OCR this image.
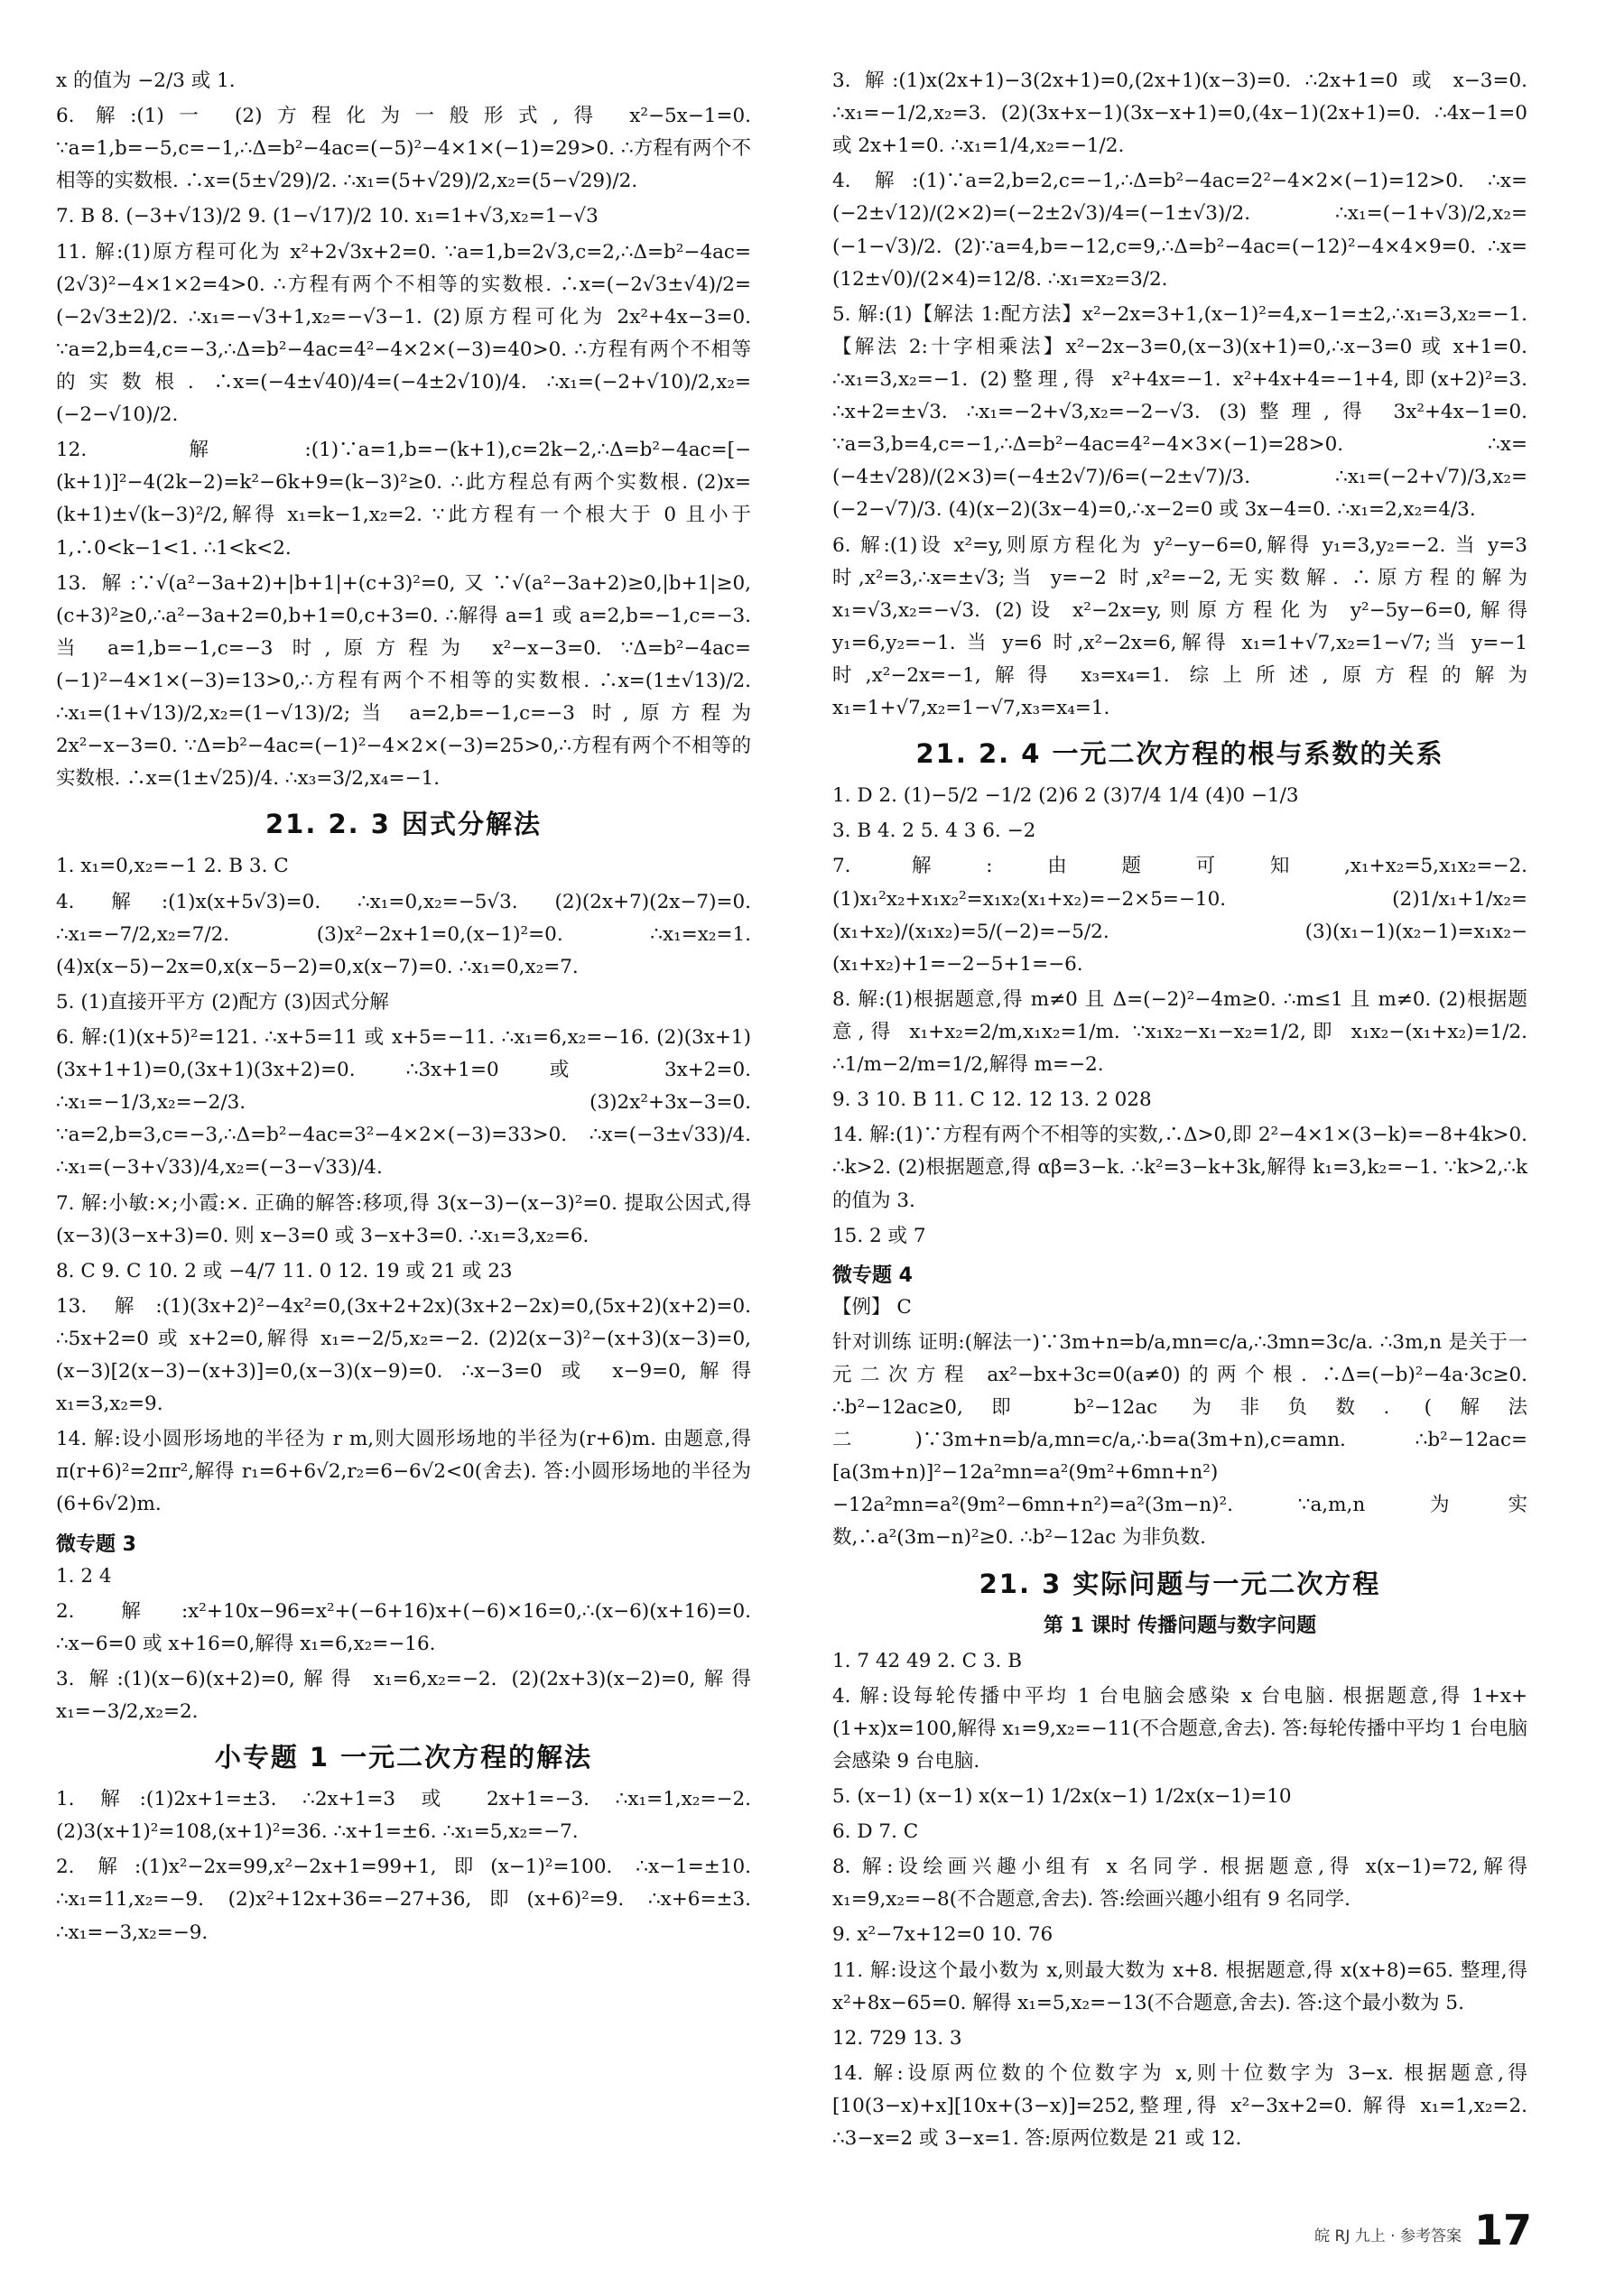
x 的值为 −2/3 或 1.
6. 解:(1)一 (2)方程化为一般形式,得 x²−5x−1=0. ∵a=1,b=−5,c=−1,∴Δ=b²−4ac=(−5)²−4×1×(−1)=29>0. ∴方程有两个不相等的实数根. ∴x=(5±√29)/2. ∴x₁=(5+√29)/2,x₂=(5−√29)/2.
7. B 8. (−3+√13)/2 9. (1−√17)/2 10. x₁=1+√3,x₂=1−√3
11. 解:(1)原方程可化为 x²+2√3x+2=0. ∵a=1,b=2√3,c=2,∴Δ=b²−4ac=(2√3)²−4×1×2=4>0. ∴方程有两个不相等的实数根. ∴x=(−2√3±√4)/2=(−2√3±2)/2. ∴x₁=−√3+1,x₂=−√3−1. (2)原方程可化为 2x²+4x−3=0. ∵a=2,b=4,c=−3,∴Δ=b²−4ac=4²−4×2×(−3)=40>0. ∴方程有两个不相等的实数根. ∴x=(−4±√40)/4=(−4±2√10)/4. ∴x₁=(−2+√10)/2,x₂=(−2−√10)/2.
12. 解:(1)∵a=1,b=−(k+1),c=2k−2,∴Δ=b²−4ac=[−(k+1)]²−4(2k−2)=k²−6k+9=(k−3)²≥0. ∴此方程总有两个实数根. (2)x=(k+1)±√(k−3)²/2,解得 x₁=k−1,x₂=2. ∵此方程有一个根大于 0 且小于 1,∴0<k−1<1. ∴1<k<2.
13. 解:∵√(a²−3a+2)+|b+1|+(c+3)²=0,又∵√(a²−3a+2)≥0,|b+1|≥0,(c+3)²≥0,∴a²−3a+2=0,b+1=0,c+3=0. ∴解得 a=1 或 a=2,b=−1,c=−3. 当 a=1,b=−1,c=−3 时,原方程为 x²−x−3=0. ∵Δ=b²−4ac=(−1)²−4×1×(−3)=13>0,∴方程有两个不相等的实数根. ∴x=(1±√13)/2. ∴x₁=(1+√13)/2,x₂=(1−√13)/2;当 a=2,b=−1,c=−3 时,原方程为 2x²−x−3=0. ∵Δ=b²−4ac=(−1)²−4×2×(−3)=25>0,∴方程有两个不相等的实数根. ∴x=(1±√25)/4. ∴x₃=3/2,x₄=−1.
21. 2. 3 因式分解法
1. x₁=0,x₂=−1 2. B 3. C
4. 解:(1)x(x+5√3)=0. ∴x₁=0,x₂=−5√3. (2)(2x+7)(2x−7)=0. ∴x₁=−7/2,x₂=7/2. (3)x²−2x+1=0,(x−1)²=0. ∴x₁=x₂=1. (4)x(x−5)−2x=0,x(x−5−2)=0,x(x−7)=0. ∴x₁=0,x₂=7.
5. (1)直接开平方 (2)配方 (3)因式分解
6. 解:(1)(x+5)²=121. ∴x+5=11 或 x+5=−11. ∴x₁=6,x₂=−16. (2)(3x+1)(3x+1+1)=0,(3x+1)(3x+2)=0. ∴3x+1=0 或 3x+2=0. ∴x₁=−1/3,x₂=−2/3. (3)2x²+3x−3=0. ∵a=2,b=3,c=−3,∴Δ=b²−4ac=3²−4×2×(−3)=33>0. ∴x=(−3±√33)/4. ∴x₁=(−3+√33)/4,x₂=(−3−√33)/4.
7. 解:小敏:×;小霞:×. 正确的解答:移项,得 3(x−3)−(x−3)²=0. 提取公因式,得 (x−3)(3−x+3)=0. 则 x−3=0 或 3−x+3=0. ∴x₁=3,x₂=6.
8. C 9. C 10. 2 或 −4/7 11. 0 12. 19 或 21 或 23
13. 解:(1)(3x+2)²−4x²=0,(3x+2+2x)(3x+2−2x)=0,(5x+2)(x+2)=0. ∴5x+2=0 或 x+2=0,解得 x₁=−2/5,x₂=−2. (2)2(x−3)²−(x+3)(x−3)=0,(x−3)[2(x−3)−(x+3)]=0,(x−3)(x−9)=0. ∴x−3=0 或 x−9=0,解得 x₁=3,x₂=9.
14. 解:设小圆形场地的半径为 r m,则大圆形场地的半径为(r+6)m. 由题意,得 π(r+6)²=2πr²,解得 r₁=6+6√2,r₂=6−6√2<0(舍去). 答:小圆形场地的半径为(6+6√2)m.
微专题 3
1. 2 4
2. 解:x²+10x−96=x²+(−6+16)x+(−6)×16=0,∴(x−6)(x+16)=0. ∴x−6=0 或 x+16=0,解得 x₁=6,x₂=−16.
3. 解:(1)(x−6)(x+2)=0,解得 x₁=6,x₂=−2. (2)(2x+3)(x−2)=0,解得 x₁=−3/2,x₂=2.
小专题 1 一元二次方程的解法
1. 解:(1)2x+1=±3. ∴2x+1=3 或 2x+1=−3. ∴x₁=1,x₂=−2. (2)3(x+1)²=108,(x+1)²=36. ∴x+1=±6. ∴x₁=5,x₂=−7.
2. 解:(1)x²−2x=99,x²−2x+1=99+1,即(x−1)²=100. ∴x−1=±10. ∴x₁=11,x₂=−9. (2)x²+12x+36=−27+36,即(x+6)²=9. ∴x+6=±3. ∴x₁=−3,x₂=−9.
3. 解:(1)x(2x+1)−3(2x+1)=0,(2x+1)(x−3)=0. ∴2x+1=0 或 x−3=0. ∴x₁=−1/2,x₂=3. (2)(3x+x−1)(3x−x+1)=0,(4x−1)(2x+1)=0. ∴4x−1=0 或 2x+1=0. ∴x₁=1/4,x₂=−1/2.
4. 解:(1)∵a=2,b=2,c=−1,∴Δ=b²−4ac=2²−4×2×(−1)=12>0. ∴x=(−2±√12)/(2×2)=(−2±2√3)/4=(−1±√3)/2. ∴x₁=(−1+√3)/2,x₂=(−1−√3)/2. (2)∵a=4,b=−12,c=9,∴Δ=b²−4ac=(−12)²−4×4×9=0. ∴x=(12±√0)/(2×4)=12/8. ∴x₁=x₂=3/2.
5. 解:(1)【解法 1:配方法】x²−2x=3+1,(x−1)²=4,x−1=±2,∴x₁=3,x₂=−1.【解法 2:十字相乘法】x²−2x−3=0,(x−3)(x+1)=0,∴x−3=0 或 x+1=0. ∴x₁=3,x₂=−1. (2)整理,得 x²+4x=−1. x²+4x+4=−1+4,即(x+2)²=3. ∴x+2=±√3. ∴x₁=−2+√3,x₂=−2−√3. (3)整理,得 3x²+4x−1=0. ∵a=3,b=4,c=−1,∴Δ=b²−4ac=4²−4×3×(−1)=28>0. ∴x=(−4±√28)/(2×3)=(−4±2√7)/6=(−2±√7)/3. ∴x₁=(−2+√7)/3,x₂=(−2−√7)/3. (4)(x−2)(3x−4)=0,∴x−2=0 或 3x−4=0. ∴x₁=2,x₂=4/3.
6. 解:(1)设 x²=y,则原方程化为 y²−y−6=0,解得 y₁=3,y₂=−2. 当 y=3 时,x²=3,∴x=±√3;当 y=−2 时,x²=−2,无实数解. ∴原方程的解为 x₁=√3,x₂=−√3. (2)设 x²−2x=y,则原方程化为 y²−5y−6=0,解得 y₁=6,y₂=−1. 当 y=6 时,x²−2x=6,解得 x₁=1+√7,x₂=1−√7;当 y=−1 时,x²−2x=−1,解得 x₃=x₄=1. 综上所述,原方程的解为 x₁=1+√7,x₂=1−√7,x₃=x₄=1.
21. 2. 4 一元二次方程的根与系数的关系
1. D 2. (1)−5/2 −1/2 (2)6 2 (3)7/4 1/4 (4)0 −1/3
3. B 4. 2 5. 4 3 6. −2
7. 解:由题可知,x₁+x₂=5,x₁x₂=−2. (1)x₁²x₂+x₁x₂²=x₁x₂(x₁+x₂)=−2×5=−10. (2)1/x₁+1/x₂=(x₁+x₂)/(x₁x₂)=5/(−2)=−5/2. (3)(x₁−1)(x₂−1)=x₁x₂−(x₁+x₂)+1=−2−5+1=−6.
8. 解:(1)根据题意,得 m≠0 且 Δ=(−2)²−4m≥0. ∴m≤1 且 m≠0. (2)根据题意,得 x₁+x₂=2/m,x₁x₂=1/m. ∵x₁x₂−x₁−x₂=1/2,即 x₁x₂−(x₁+x₂)=1/2. ∴1/m−2/m=1/2,解得 m=−2.
9. 3 10. B 11. C 12. 12 13. 2 028
14. 解:(1)∵方程有两个不相等的实数,∴Δ>0,即 2²−4×1×(3−k)=−8+4k>0. ∴k>2. (2)根据题意,得 αβ=3−k. ∴k²=3−k+3k,解得 k₁=3,k₂=−1. ∵k>2,∴k 的值为 3.
15. 2 或 7
微专题 4
【例】 C
针对训练 证明:(解法一)∵3m+n=b/a,mn=c/a,∴3mn=3c/a. ∴3m,n 是关于一元二次方程 ax²−bx+3c=0(a≠0)的两个根. ∴Δ=(−b)²−4a·3c≥0. ∴b²−12ac≥0,即 b²−12ac 为非负数. (解法二)∵3m+n=b/a,mn=c/a,∴b=a(3m+n),c=amn. ∴b²−12ac=[a(3m+n)]²−12a²mn=a²(9m²+6mn+n²)−12a²mn=a²(9m²−6mn+n²)=a²(3m−n)². ∵a,m,n 为实数,∴a²(3m−n)²≥0. ∴b²−12ac 为非负数.
21. 3 实际问题与一元二次方程
第 1 课时 传播问题与数字问题
1. 7 42 49 2. C 3. B
4. 解:设每轮传播中平均 1 台电脑会感染 x 台电脑. 根据题意,得 1+x+(1+x)x=100,解得 x₁=9,x₂=−11(不合题意,舍去). 答:每轮传播中平均 1 台电脑会感染 9 台电脑.
5. (x−1) (x−1) x(x−1) 1/2x(x−1) 1/2x(x−1)=10
6. D 7. C
8. 解:设绘画兴趣小组有 x 名同学. 根据题意,得 x(x−1)=72,解得 x₁=9,x₂=−8(不合题意,舍去). 答:绘画兴趣小组有 9 名同学.
9. x²−7x+12=0 10. 76
11. 解:设这个最小数为 x,则最大数为 x+8. 根据题意,得 x(x+8)=65. 整理,得 x²+8x−65=0. 解得 x₁=5,x₂=−13(不合题意,舍去). 答:这个最小数为 5.
12. 729 13. 3
14. 解:设原两位数的个位数字为 x,则十位数字为 3−x. 根据题意,得 [10(3−x)+x][10x+(3−x)]=252,整理,得 x²−3x+2=0. 解得 x₁=1,x₂=2. ∴3−x=2 或 3−x=1. 答:原两位数是 21 或 12.
皖 RJ 九上 · 参考答案 17
